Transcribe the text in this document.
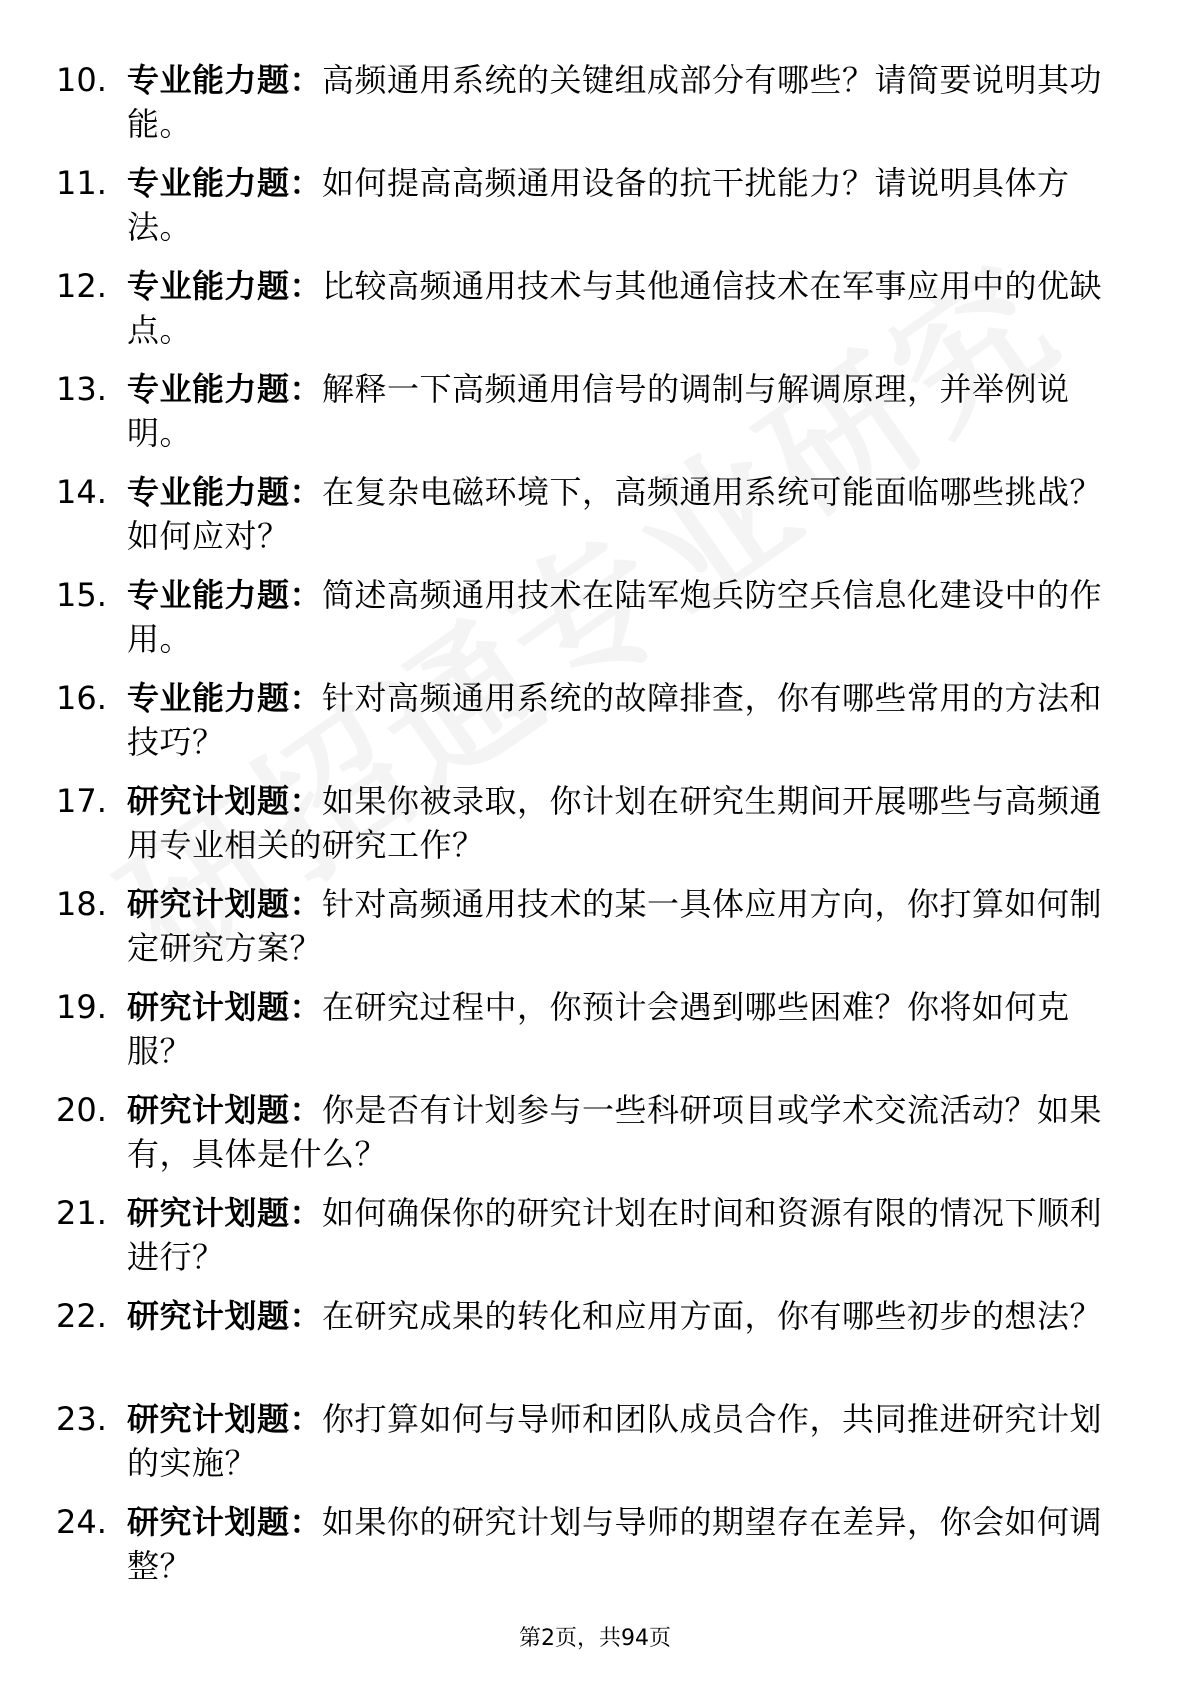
10. 专业能力题：高频通用系统的关键组成部分有哪些？请简要说明其功能。
11. 专业能力题：如何提高高频通用设备的抗干扰能力？请说明具体方法。
12. 专业能力题：比较高频通用技术与其他通信技术在军事应用中的优缺点。
13. 专业能力题：解释一下高频通用信号的调制与解调原理，并举例说明。
14. 专业能力题：在复杂电磁环境下，高频通用系统可能面临哪些挑战？如何应对？
15. 专业能力题：简述高频通用技术在陆军炮兵防空兵信息化建设中的作用。
16. 专业能力题：针对高频通用系统的故障排查，你有哪些常用的方法和技巧？
17. 研究计划题：如果你被录取，你计划在研究生期间开展哪些与高频通用专业相关的研究工作？
18. 研究计划题：针对高频通用技术的某一具体应用方向，你打算如何制定研究方案？
19. 研究计划题：在研究过程中，你预计会遇到哪些困难？你将如何克服？
20. 研究计划题：你是否有计划参与一些科研项目或学术交流活动？如果有，具体是什么？
21. 研究计划题：如何确保你的研究计划在时间和资源有限的情况下顺利进行？
22. 研究计划题：在研究成果的转化和应用方面，你有哪些初步的想法？
23. 研究计划题：你打算如何与导师和团队成员合作，共同推进研究计划的实施？
24. 研究计划题：如果你的研究计划与导师的期望存在差异，你会如何调整？
第2页，共94页
